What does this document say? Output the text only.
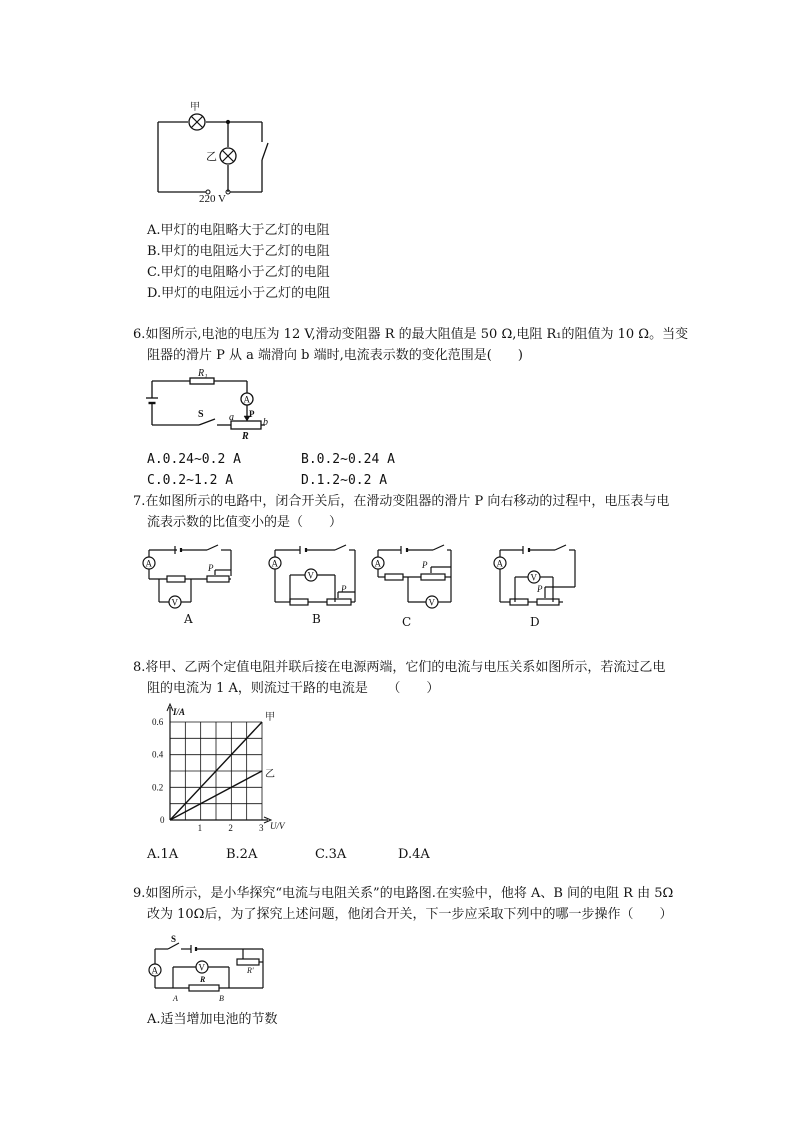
甲
乙
220 V
A.甲灯的电阻略大于乙灯的电阻
B.甲灯的电阻远大于乙灯的电阻
C.甲灯的电阻略小于乙灯的电阻
D.甲灯的电阻远小于乙灯的电阻
6.如图所示,电池的电压为 12 V,滑动变阻器 R 的最大阻值是 50 Ω,电阻 R₁的阻值为 10 Ω。当变
阻器的滑片 P 从 a 端滑向 b 端时,电流表示数的变化范围是(　　)
A
R₁
S	a P
b
R
A.0.24~0.2 A	B.0.2~0.24 A
C.0.2~1.2 A	D.1.2~0.2 A
7.在如图所示的电路中，闭合开关后，在滑动变阻器的滑片 P 向右移动的过程中，电压表与电
流表示数的比值变小的是（　　）
A	P
V
A
V
P
A	P
V
A
V
P
A	B	C	D
8.将甲、乙两个定值电阻并联后接在电源两端，它们的电流与电压关系如图所示，若流过乙电
阻的电流为 1 A，则流过干路的电流是　　（　　）
甲
乙
1	2	3
0
0.2
0.4
0.6
I/A
U/V
A.1A	B.2A	C.3A	D.4A
9.如图所示，是小华探究“电流与电阻关系”的电路图.在实验中，他将 A、B 间的电阻 R 由 5Ω
改为 10Ω后，为了探究上述问题，他闭合开关，下一步应采取下列中的哪一步操作（　　）
A	V
S
R'
R
A	B
A.适当增加电池的节数
